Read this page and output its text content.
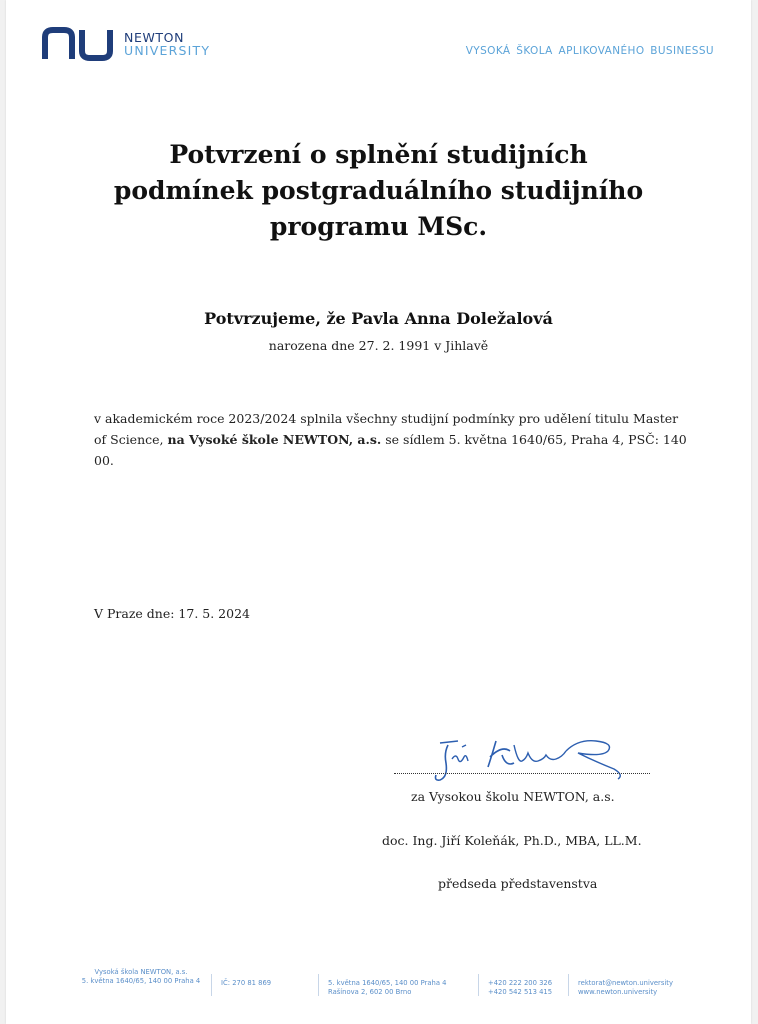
NEWTON
UNIVERSITY	VYSOKÁ ŠKOLA APLIKOVANÉHO BUSINESSU
Potvrzení o splnění studijních
podmínek postgraduálního studijního
programu MSc.
Potvrzujeme, že Pavla Anna Doležalová
narozena dne 27. 2. 1991 v Jihlavě
v akademickém roce 2023/2024 splnila všechny studijní podmínky pro udělení titulu Master of Science, na Vysoké škole NEWTON, a.s. se sídlem 5. května 1640/65, Praha 4, PSČ: 140 00.
V Praze dne: 17. 5. 2024
za Vysokou školu NEWTON, a.s.
doc. Ing. Jiří Koleňák, Ph.D., MBA, LL.M.
předseda představenstva
Vysoká škola NEWTON, a.s.
5. května 1640/65, 140 00 Praha 4	IČ: 270 81 869	5. května 1640/65, 140 00 Praha 4
Rašínova 2, 602 00 Brno
+420 222 200 326
+420 542 513 415
rektorat@newton.university
www.newton.university
